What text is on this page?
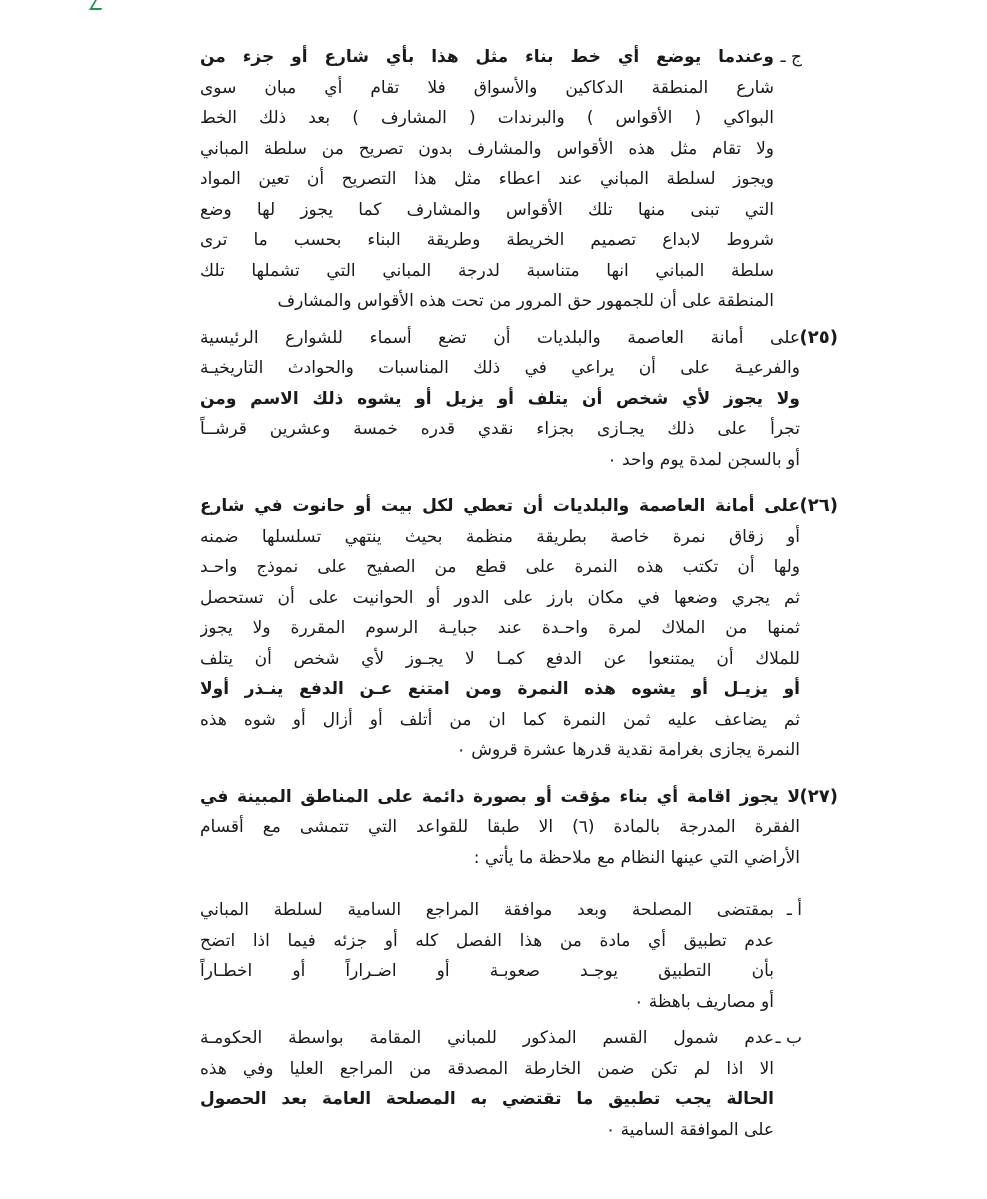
ج ـ
وعندما يوضع أي خط بناء مثل هذا بأي شارع أو جزء من
شارع المنطقة الدكاكين والأسواق فلا تقام أي مبان سوى
البواكي ( الأقواس ) والبرندات ( المشارف ) بعد ذلك الخط
ولا تقام مثل هذه الأقواس والمشارف بدون تصريح من سلطة المباني
ويجوز لسلطة المباني عند اعطاء مثل هذا التصريح أن تعين المواد
التي تبنى منها تلك الأقواس والمشارف كما يجوز لها وضع
شروط لابداع تصميم الخريطة وطريقة البناء بحسب ما ترى
سلطة المباني انها متناسبة لدرجة المباني التي تشملها تلك
المنطقة على أن للجمهور حق المرور من تحت هذه الأقواس والمشارف
(٢٥)
على أمانة العاصمة والبلديات أن تضع أسماء للشوارع الرئيسية
والفرعيـة على أن يراعي في ذلك المناسبات والحوادث التاريخيـة
ولا يجوز لأي شخص أن يتلف أو يزيل أو يشوه ذلك الاسم ومن
تجرأ على ذلك يجـازى بجزاء نقدي قدره خمسة وعشرين قرشــاً
أو بالسجن لمدة يوم واحد ٠
(٢٦)
على أمانة العاصمة والبلديات أن تعطي لكل بيت أو حانوت في شارع
أو زقاق نمرة خاصة بطريقة منظمة بحيث ينتهي تسلسلها ضمنه
ولها أن تكتب هذه النمرة على قطع من الصفيح على نموذج واحـد
ثم يجري وضعها في مكان بارز على الدور أو الحوانيت على أن تستحصل
ثمنها من الملاك لمرة واحـدة عند جبايـة الرسوم المقررة ولا يجوز
للملاك أن يمتنعوا عن الدفع كمـا لا يجـوز لأي شخص أن يتلف
أو يزيـل أو يشوه هذه النمرة ومن امتنع عـن الدفع ينـذر أولا
ثم يضاعف عليه ثمن النمرة كما ان من أتلف أو أزال أو شوه هذه
النمرة يجازى بغرامة نقدية قدرها عشرة قروش ٠
(٢٧)
لا يجوز اقامة أي بناء مؤقت أو بصورة دائمة على المناطق المبينة في
الفقرة المدرجة بالمادة (٦) الا طبقا للقواعد التي تتمشى مع أقسام
الأراضي التي عينها النظام مع ملاحظة ما يأتي :
أ ـ
بمقتضى المصلحة وبعد موافقة المراجع السامية لسلطة المباني
عدم تطبيق أي مادة من هذا الفصل كله أو جزئه فيما اذا اتضح
بأن التطبيق يوجـد صعوبـة أو اضـراراً أو اخطـاراً
أو مصاريف باهظة ٠
ب ـ
عدم شمول القسم المذكور للمباني المقامة بواسطة الحكومـة
الا اذا لم تكن ضمن الخارطة المصدقة من المراجع العليا وفي هذه
الحالة يجب تطبيق ما تقتضي به المصلحة العامة بعد الحصول
على الموافقة السامية ٠
